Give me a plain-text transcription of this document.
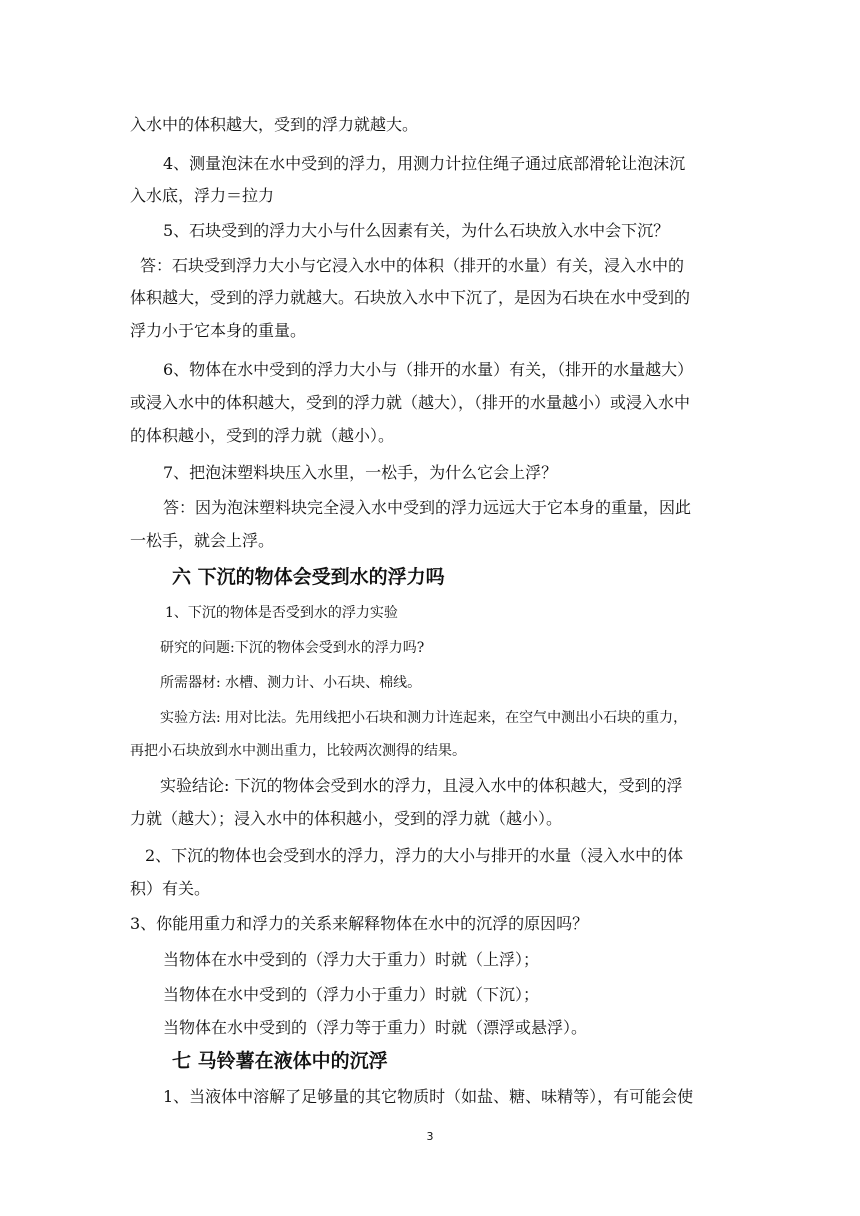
入水中的体积越大，受到的浮力就越大。
4、测量泡沫在水中受到的浮力，用测力计拉住绳子通过底部滑轮让泡沫沉
入水底，浮力＝拉力
5、石块受到的浮力大小与什么因素有关，为什么石块放入水中会下沉？
答：石块受到浮力大小与它浸入水中的体积（排开的水量）有关，浸入水中的
体积越大，受到的浮力就越大。石块放入水中下沉了，是因为石块在水中受到的
浮力小于它本身的重量。
6、物体在水中受到的浮力大小与（排开的水量）有关，（排开的水量越大）
或浸入水中的体积越大，受到的浮力就（越大），（排开的水量越小）或浸入水中
的体积越小，受到的浮力就（越小）。
7、把泡沫塑料块压入水里，一松手，为什么它会上浮？
答：因为泡沫塑料块完全浸入水中受到的浮力远远大于它本身的重量，因此
一松手，就会上浮。
六 下沉的物体会受到水的浮力吗
1、下沉的物体是否受到水的浮力实验
研究的问题:下沉的物体会受到水的浮力吗?
所需器材: 水槽、测力计、小石块、棉线。
实验方法: 用对比法。先用线把小石块和测力计连起来，在空气中测出小石块的重力，
再把小石块放到水中测出重力，比较两次测得的结果。
实验结论: 下沉的物体会受到水的浮力，且浸入水中的体积越大，受到的浮
力就（越大）；浸入水中的体积越小，受到的浮力就（越小）。
2、下沉的物体也会受到水的浮力，浮力的大小与排开的水量（浸入水中的体
积）有关。
3、你能用重力和浮力的关系来解释物体在水中的沉浮的原因吗？
当物体在水中受到的（浮力大于重力）时就（上浮）；
当物体在水中受到的（浮力小于重力）时就（下沉）；
当物体在水中受到的（浮力等于重力）时就（漂浮或悬浮）。
七 马铃薯在液体中的沉浮
1、当液体中溶解了足够量的其它物质时（如盐、糖、味精等），有可能会使
3
